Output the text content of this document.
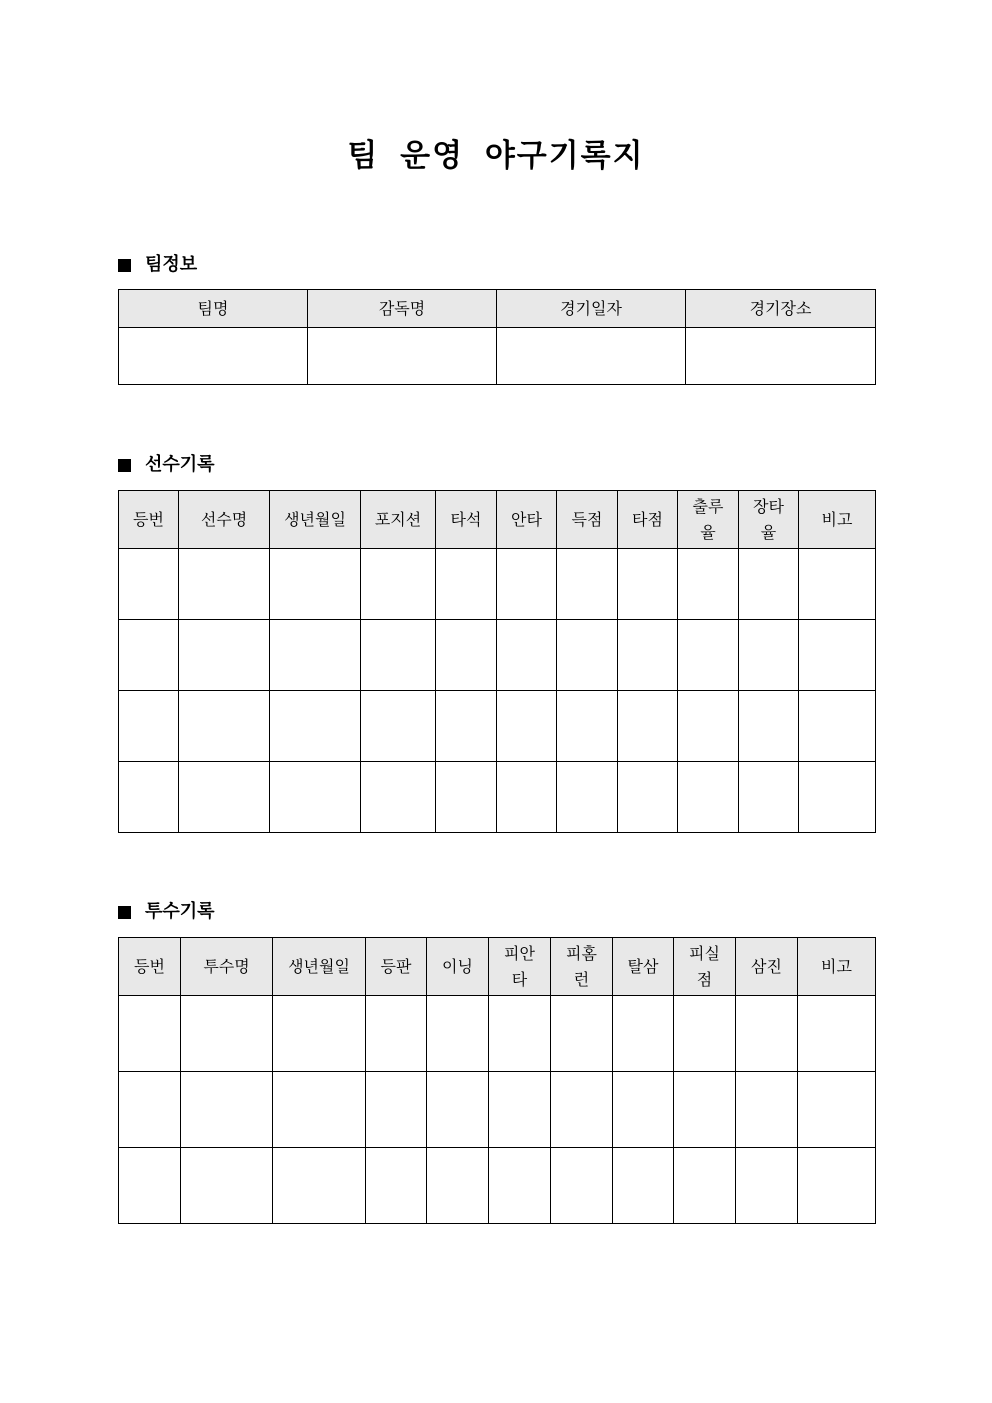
팀 운영 야구기록지
팀정보
팀명	감독명	경기일자	경기장소

선수기록
등번	선수명	생년월일	포지션	타석	안타	득점	타점	출루율	장타율	비고

투수기록
등번	투수명	생년월일	등판	이닝	피안타	피홈런	탈삼	피실점	삼진	비고
